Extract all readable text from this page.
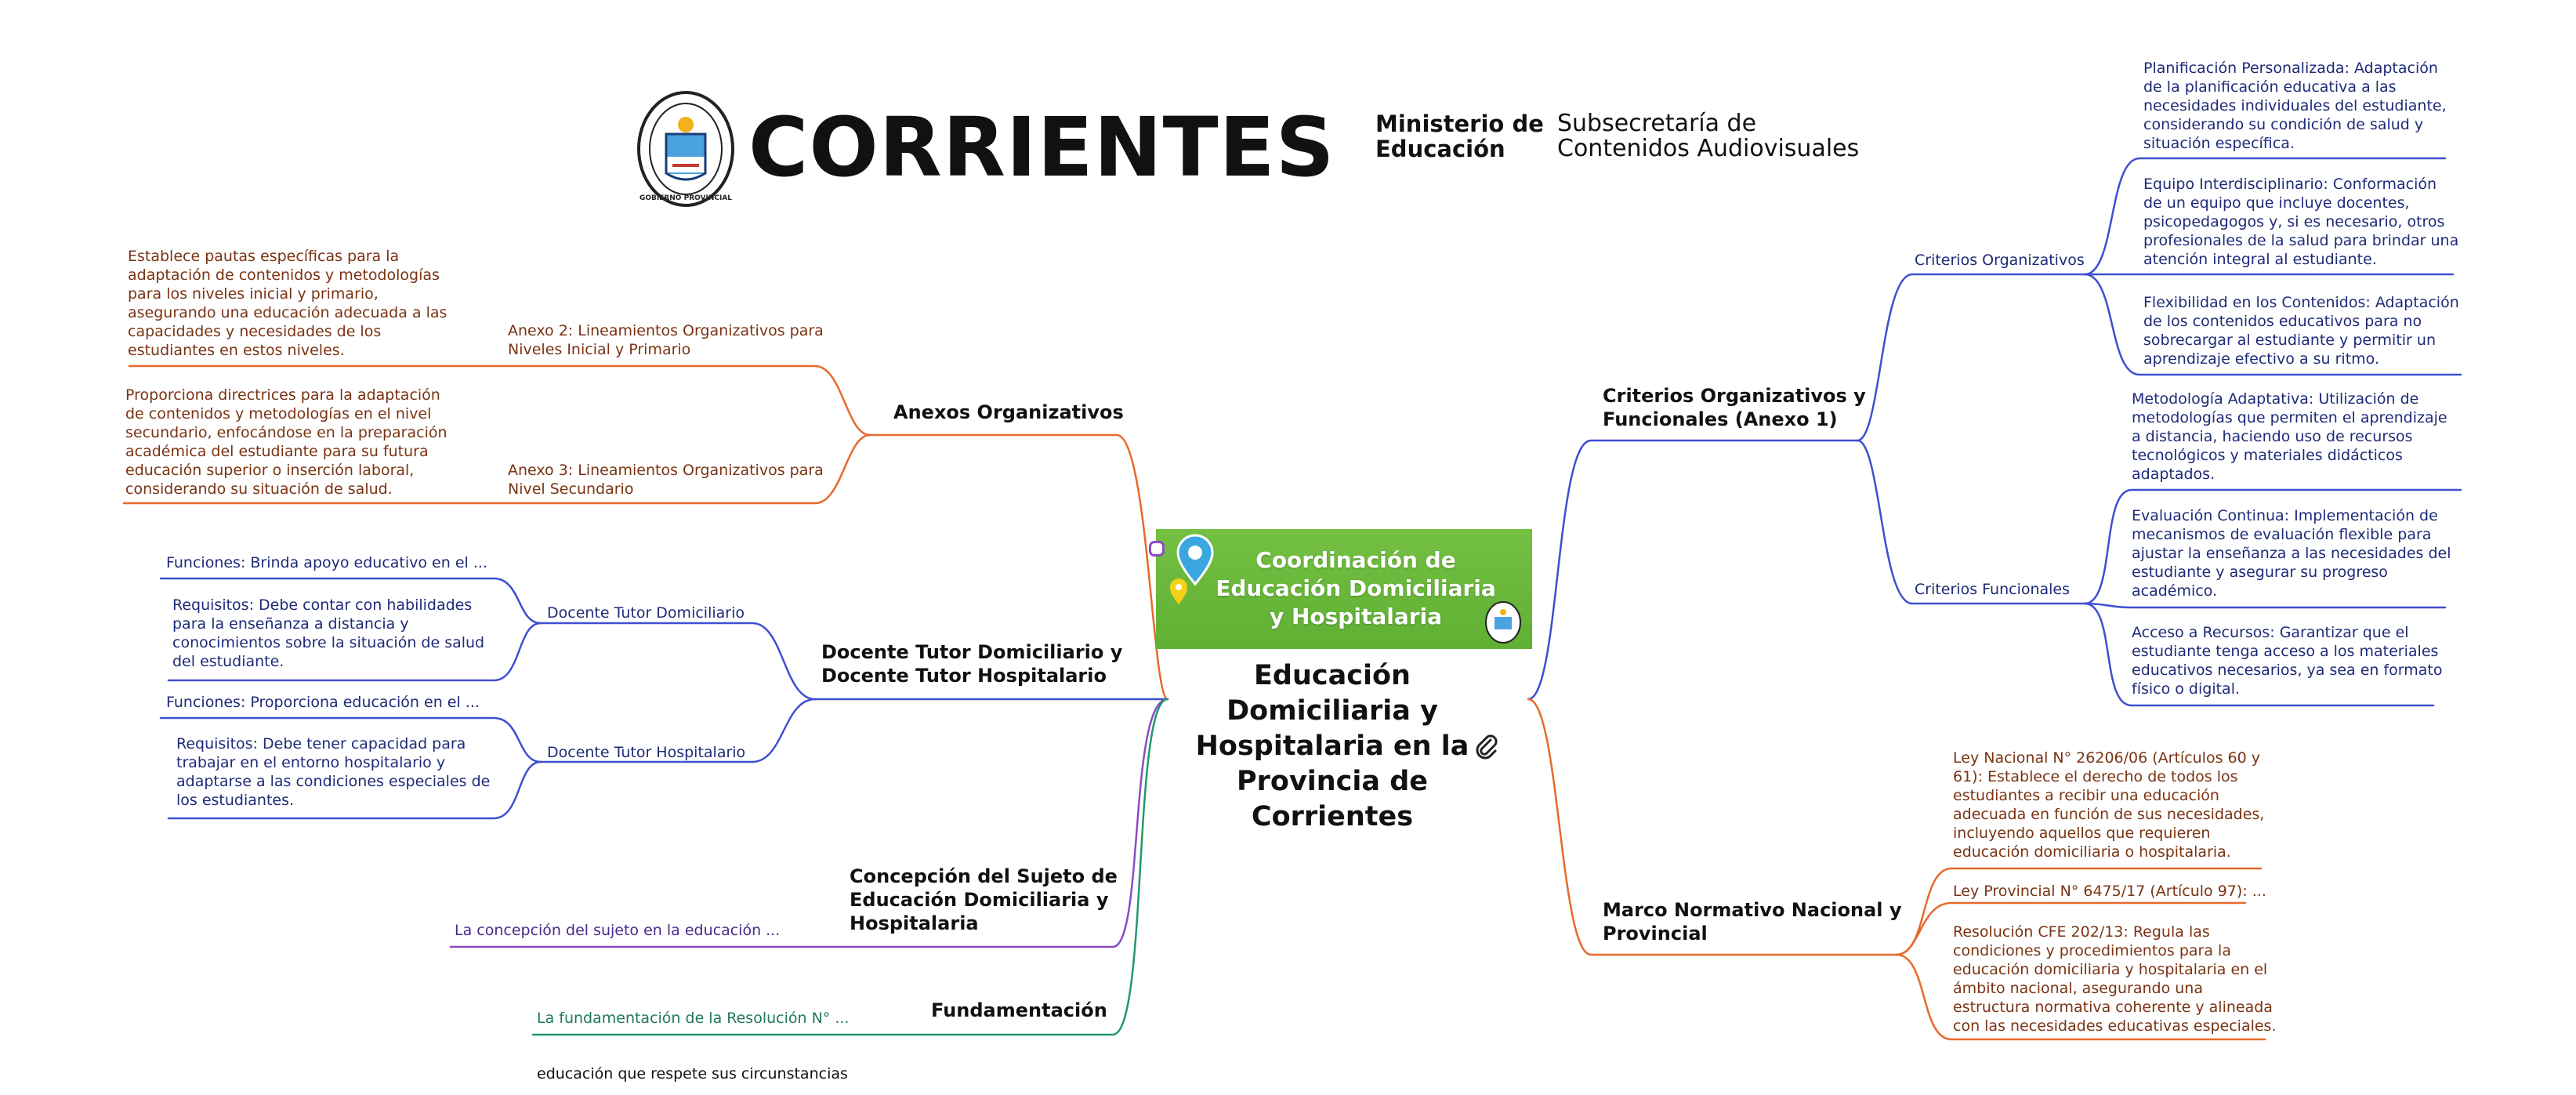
GOBIERNO PROVINCIAL
CORRIENTES Ministerio de
Educación
Subsecretaría de
Contenidos Audiovisuales
Coordinación de
Educación Domiciliaria
y Hospitalaria
Educación
Domiciliaria y
Hospitalaria en la
Provincia de
Corrientes
Anexos Organizativos
Anexo 2: Lineamientos Organizativos para
Niveles Inicial y Primario
Establece pautas específicas para la
adaptación de contenidos y metodologías
para los niveles inicial y primario,
asegurando una educación adecuada a las
capacidades y necesidades de los
estudiantes en estos niveles.
Anexo 3: Lineamientos Organizativos para
Nivel Secundario
Proporciona directrices para la adaptación
de contenidos y metodologías en el nivel
secundario, enfocándose en la preparación
académica del estudiante para su futura
educación superior o inserción laboral,
considerando su situación de salud.
Docente Tutor Domiciliario y
Docente Tutor Hospitalario
Docente Tutor Domiciliario
Funciones: Brinda apoyo educativo en el ...
Requisitos: Debe contar con habilidades
para la enseñanza a distancia y
conocimientos sobre la situación de salud
del estudiante.
Docente Tutor Hospitalario
Funciones: Proporciona educación en el ...
Requisitos: Debe tener capacidad para
trabajar en el entorno hospitalario y
adaptarse a las condiciones especiales de
los estudiantes.
Concepción del Sujeto de
Educación Domiciliaria y
Hospitalaria
La concepción del sujeto en la educación ...
Fundamentación
La fundamentación de la Resolución N° ...
educación que respete sus circunstancias
Criterios Organizativos y
Funcionales (Anexo 1)
Criterios Organizativos
Planificación Personalizada: Adaptación
de la planificación educativa a las
necesidades individuales del estudiante,
considerando su condición de salud y
situación específica.
Equipo Interdisciplinario: Conformación
de un equipo que incluye docentes,
psicopedagogos y, si es necesario, otros
profesionales de la salud para brindar una
atención integral al estudiante.
Flexibilidad en los Contenidos: Adaptación
de los contenidos educativos para no
sobrecargar al estudiante y permitir un
aprendizaje efectivo a su ritmo.
Criterios Funcionales
Metodología Adaptativa: Utilización de
metodologías que permiten el aprendizaje
a distancia, haciendo uso de recursos
tecnológicos y materiales didácticos
adaptados.
Evaluación Continua: Implementación de
mecanismos de evaluación flexible para
ajustar la enseñanza a las necesidades del
estudiante y asegurar su progreso
académico.
Acceso a Recursos: Garantizar que el
estudiante tenga acceso a los materiales
educativos necesarios, ya sea en formato
físico o digital.
Marco Normativo Nacional y
Provincial
Ley Nacional N° 26206/06 (Artículos 60 y
61): Establece el derecho de todos los
estudiantes a recibir una educación
adecuada en función de sus necesidades,
incluyendo aquellos que requieren
educación domiciliaria o hospitalaria.
Ley Provincial N° 6475/17 (Artículo 97): ...
Resolución CFE 202/13: Regula las
condiciones y procedimientos para la
educación domiciliaria y hospitalaria en el
ámbito nacional, asegurando una
estructura normativa coherente y alineada
con las necesidades educativas especiales.
